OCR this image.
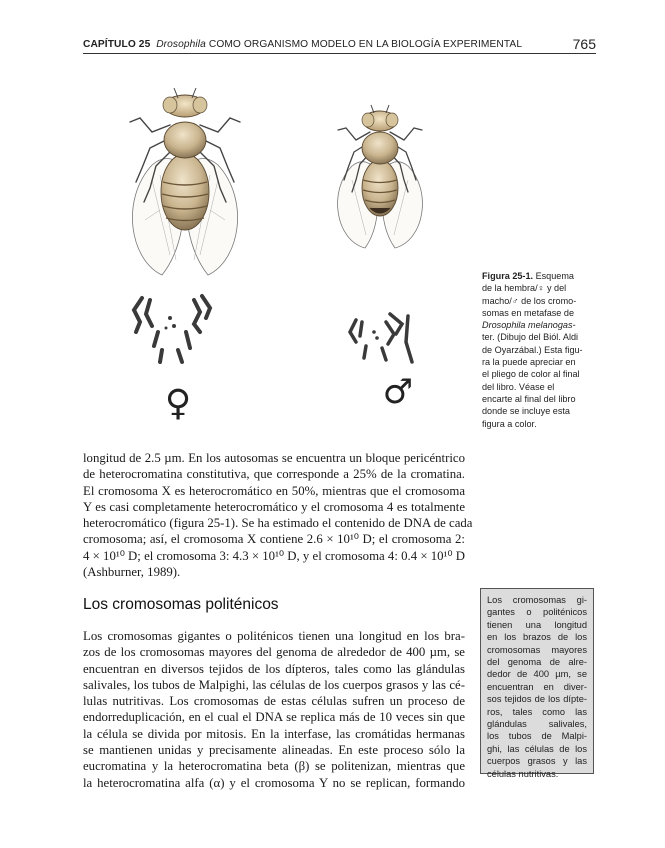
CAPÍTULO 25 Drosophila COMO ORGANISMO MODELO EN LA BIOLOGÍA EXPERIMENTAL	765
♀	♂
Figura 25-1. Esquema
de la hembra/♀ y del
macho/♂ de los cromo-
somas en metafase de
Drosophila melanogas-
ter. (Dibujo del Biól. Aldi
de Oyarzábal.) Esta figu-
ra la puede apreciar en
el pliego de color al final
del libro. Véase el
encarte al final del libro
donde se incluye esta
figura a color.
longitud de 2.5 µm. En los autosomas se encuentra un bloque pericéntrico
de heterocromatina constitutiva, que corresponde a 25% de la cromatina.
El cromosoma X es heterocromático en 50%, mientras que el cromosoma
Y es casi completamente heterocromático y el cromosoma 4 es totalmente
heterocromático (figura 25-1). Se ha estimado el contenido de DNA de cada
cromosoma; así, el cromosoma X contiene 2.6 × 10¹⁰ D; el cromosoma 2:
4 × 10¹⁰ D; el cromosoma 3: 4.3 × 10¹⁰ D, y el cromosoma 4: 0.4 × 10¹⁰ D
(Ashburner, 1989).
Los cromosomas politénicos
Los cromosomas gigantes o politénicos tienen una longitud en los bra-
zos de los cromosomas mayores del genoma de alrededor de 400 µm, se
encuentran en diversos tejidos de los dípteros, tales como las glándulas
salivales, los tubos de Malpighi, las células de los cuerpos grasos y las cé-
lulas nutritivas. Los cromosomas de estas células sufren un proceso de
endorreduplicación, en el cual el DNA se replica más de 10 veces sin que
la célula se divida por mitosis. En la interfase, las cromátidas hermanas
se mantienen unidas y precisamente alineadas. En este proceso sólo la
eucromatina y la heterocromatina beta (β) se politenizan, mientras que
la heterocromatina alfa (α) y el cromosoma Y no se replican, formando
Los cromosomas gi-
gantes o politénicos
tienen una longitud
en los brazos de los
cromosomas mayores
del genoma de alre-
dedor de 400 µm, se
encuentran en diver-
sos tejidos de los dípte-
ros, tales como las
glándulas salivales,
los tubos de Malpi-
ghi, las células de los
cuerpos grasos y las
células nutritivas.
